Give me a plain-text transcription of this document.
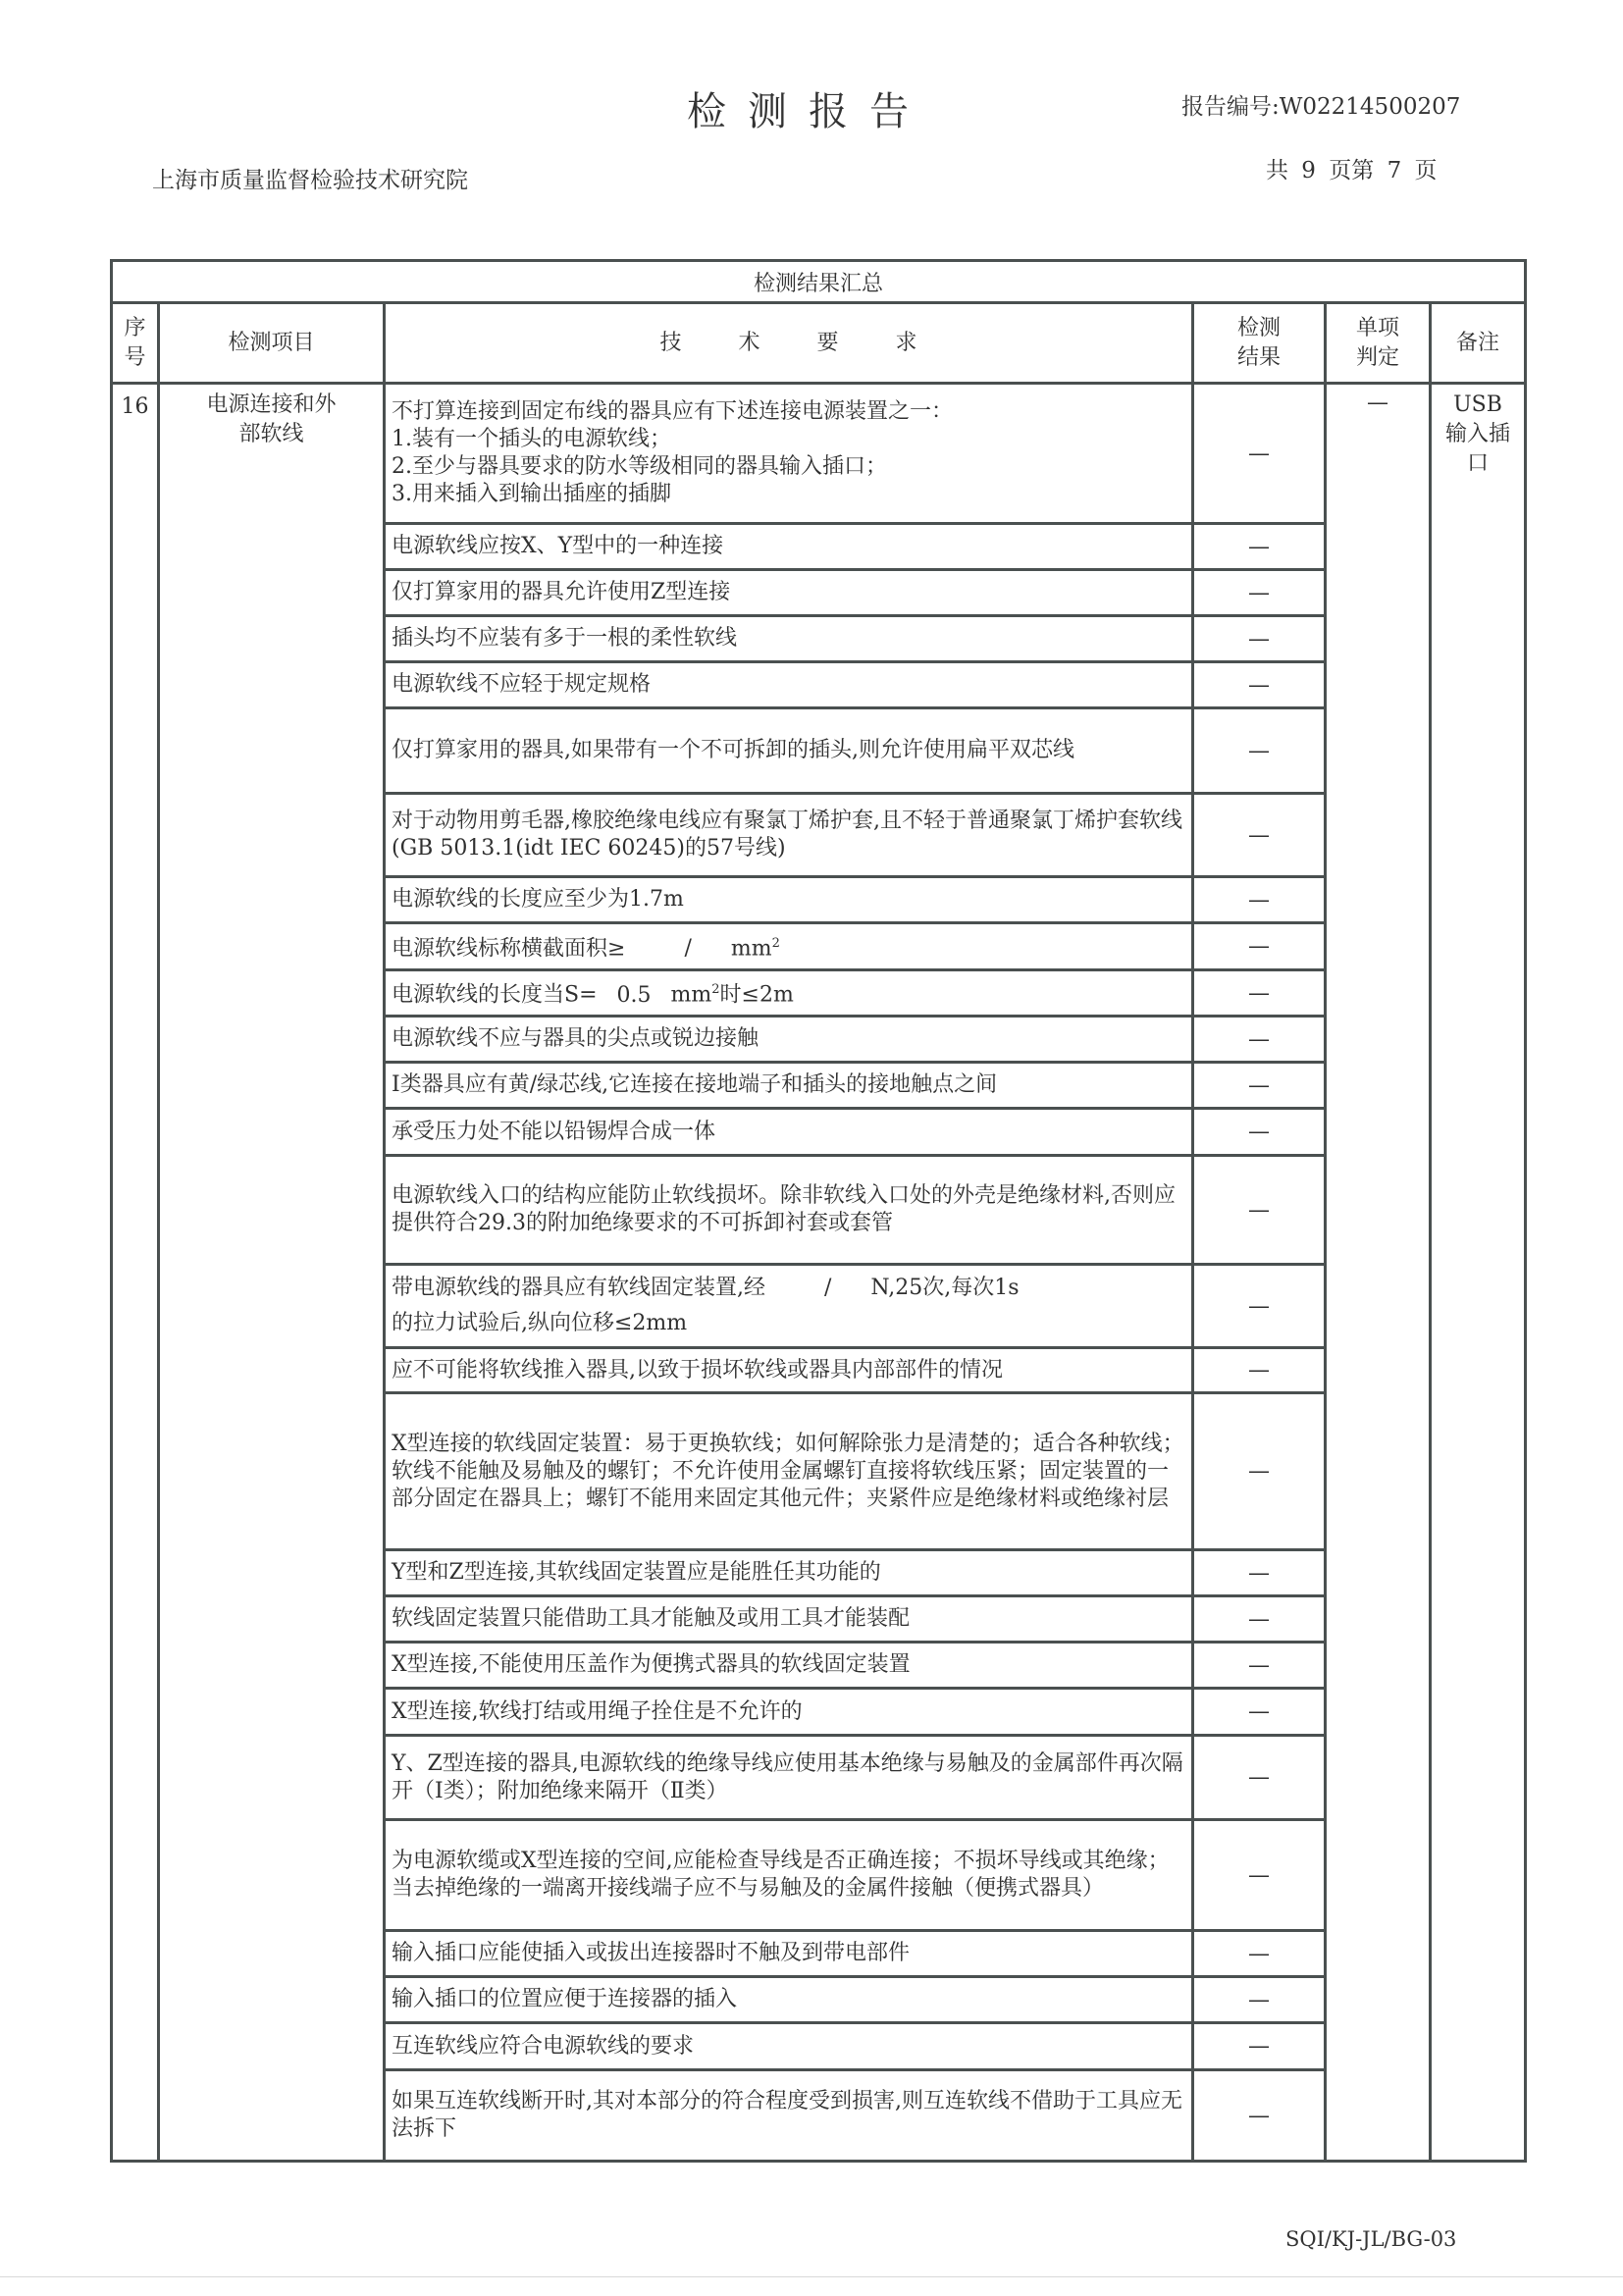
检测报告	报告编号:W02214500207
共 9 页第 7 页
上海市质量监督检验技术研究院
检测结果汇总					
序号	检测项目	技术要求	检测结果	单项判定	备注
16	电源连接和外部软线	不打算连接到固定布线的器具应有下述连接电源装置之一：
1.装有一个插头的电源软线；
2.至少与器具要求的防水等级相同的器具输入插口；
3.用来插入到输出插座的插脚	—	—	USB输入插口
		电源软线应按X、Y型中的一种连接	—		
		仅打算家用的器具允许使用Z型连接	—		
		插头均不应装有多于一根的柔性软线	—		
		电源软线不应轻于规定规格	—		
		仅打算家用的器具,如果带有一个不可拆卸的插头,则允许使用扁平双芯线	—		
		对于动物用剪毛器,橡胶绝缘电线应有聚氯丁烯护套,且不轻于普通聚氯丁烯护套软线(GB 5013.1(idt IEC 60245)的57号线)	—		
		电源软线的长度应至少为1.7m	—		
		电源软线标称横截面积≥ / $mm^2$	—		
		电源软线的长度当S= 0.5 $mm^2$时≤2m	—		
		电源软线不应与器具的尖点或锐边接触	—		
		Ⅰ类器具应有黄/绿芯线,它连接在接地端子和插头的接地触点之间	—		
		承受压力处不能以铅锡焊合成一体	—		
		电源软线入口的结构应能防止软线损坏。除非软线入口处的外壳是绝缘材料,否则应提供符合29.3的附加绝缘要求的不可拆卸衬套或套管	—		
		带电源软线的器具应有软线固定装置,经 / N,25次,每次1s
的拉力试验后,纵向位移≤2mm	—		
		应不可能将软线推入器具,以致于损坏软线或器具内部部件的情况	—		
		X型连接的软线固定装置：易于更换软线；如何解除张力是清楚的；适合各种软线；软线不能触及易触及的螺钉；不允许使用金属螺钉直接将软线压紧；固定装置的一部分固定在器具上；螺钉不能用来固定其他元件；夹紧件应是绝缘材料或绝缘衬层	—		
		Y型和Z型连接,其软线固定装置应是能胜任其功能的	—		
		软线固定装置只能借助工具才能触及或用工具才能装配	—		
		X型连接,不能使用压盖作为便携式器具的软线固定装置	—		
		X型连接,软线打结或用绳子拴住是不允许的	—		
		Y、Z型连接的器具,电源软线的绝缘导线应使用基本绝缘与易触及的金属部件再次隔开（Ⅰ类）；附加绝缘来隔开（Ⅱ类）	—		
		为电源软缆或X型连接的空间,应能检查导线是否正确连接；不损坏导线或其绝缘；当去掉绝缘的一端离开接线端子应不与易触及的金属件接触（便携式器具）	—		
		输入插口应能使插入或拔出连接器时不触及到带电部件	—		
		输入插口的位置应便于连接器的插入	—		
		互连软线应符合电源软线的要求	—		
		如果互连软线断开时,其对本部分的符合程度受到损害,则互连软线不借助于工具应无法拆下	—		
SQI/KJ-JL/BG-03
